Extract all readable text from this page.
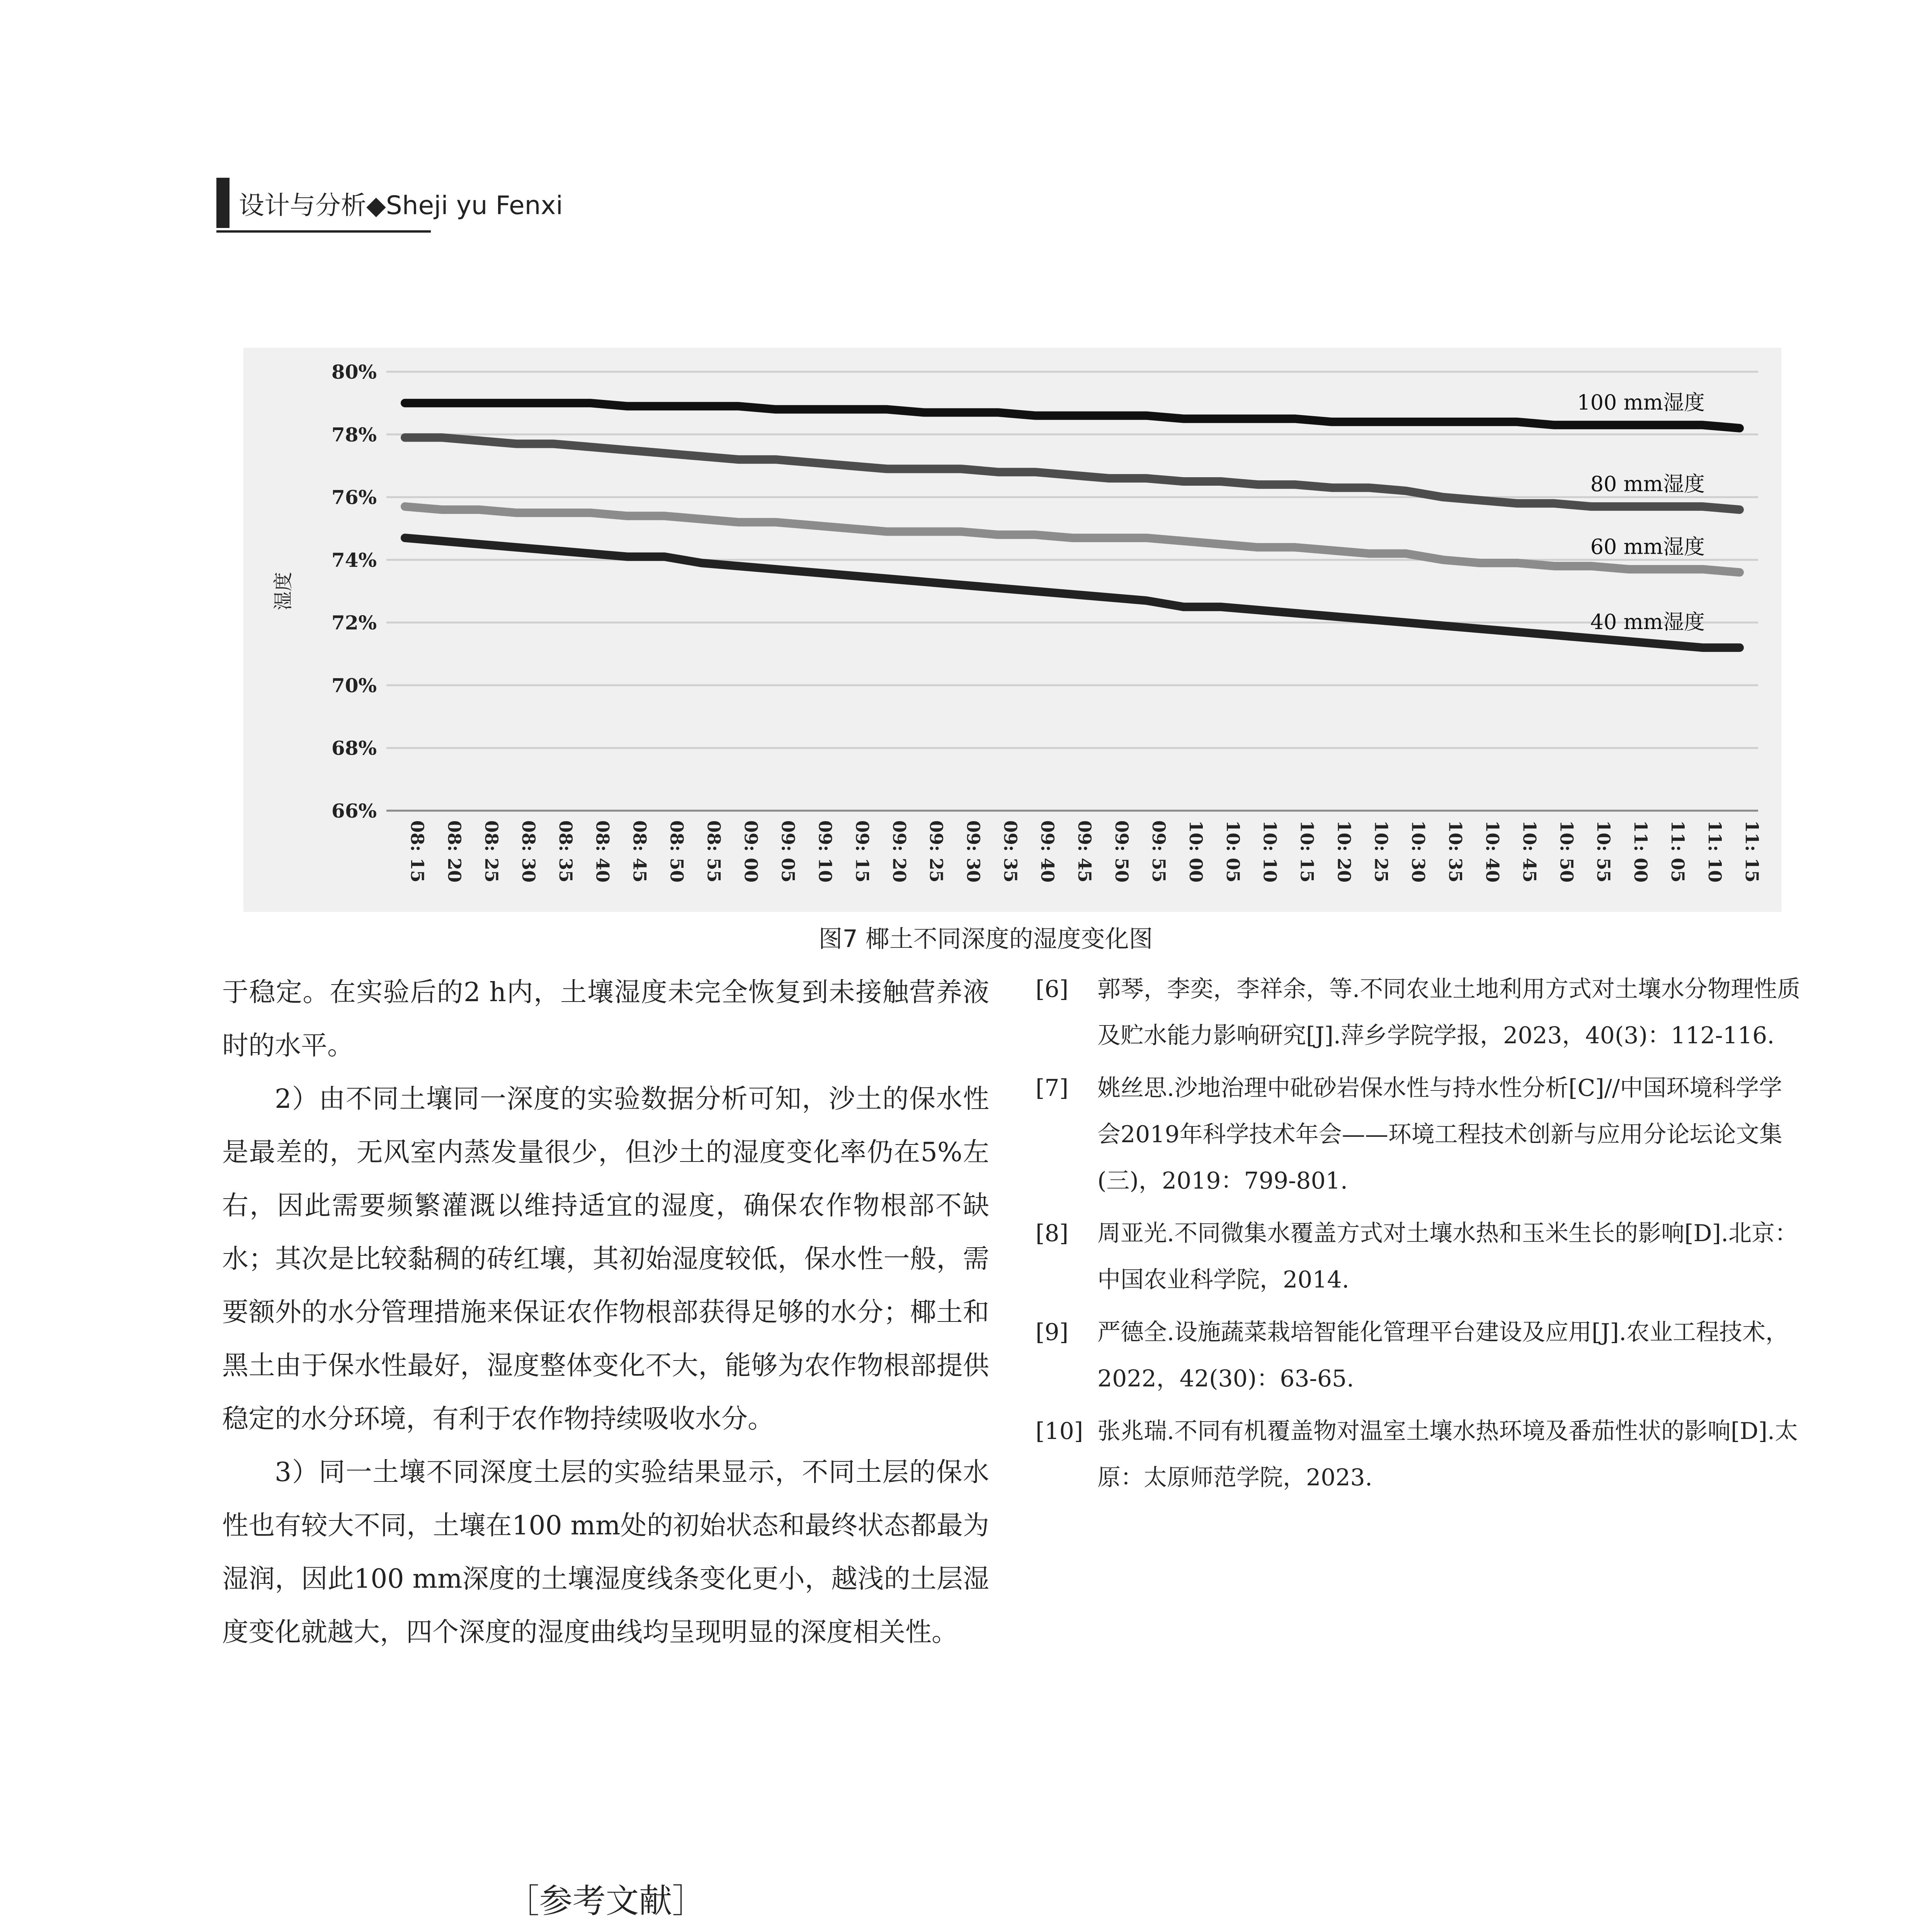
设计与分析◆Sheji yu Fenxi
80%
78%
76%
74%
72%
70%
68%
66%
08: 15 08: 20 08: 25 08: 30 08: 35 08: 40 08: 45 08: 50 08: 55 09: 00 09: 05 09: 10 09: 15 09: 20 09: 25 09: 30 09: 35 09: 40 09: 45 09: 50 09: 55 10: 00 10: 05 10: 10 10: 15 10: 20 10: 25 10: 30 10: 35 10: 40 10: 45 10: 50 10: 55 11: 00 11: 05 11: 10 11: 15
湿度
100 mm湿度
80 mm湿度
60 mm湿度
40 mm湿度
图7 椰土不同深度的湿度变化图

于稳定。在实验后的2 h内，土壤湿度未完全恢复到未接触营养液时的水平。

2）由不同土壤同一深度的实验数据分析可知，沙土的保水性是最差的，无风室内蒸发量很少，但沙土的湿度变化率仍在5%左右，因此需要频繁灌溉以维持适宜的湿度，确保农作物根部不缺水；其次是比较黏稠的砖红壤，其初始湿度较低，保水性一般，需要额外的水分管理措施来保证农作物根部获得足够的水分；椰土和黑土由于保水性最好，湿度整体变化不大，能够为农作物根部提供稳定的水分环境，有利于农作物持续吸收水分。

3）同一土壤不同深度土层的实验结果显示，不同土层的保水性也有较大不同，土壤在100 mm处的初始状态和最终状态都最为湿润，因此100 mm深度的土壤湿度线条变化更小，越浅的土层湿度变化就越大，四个深度的湿度曲线均呈现明显的深度相关性。

［参考文献］
[6]	郭琴，李奕，李祥余，等.不同农业土地利用方式对土壤水分物理性质及贮水能力影响研究[J].萍乡学院学报，2023，40(3)：112-116.
[7]	姚丝思.沙地治理中砒砂岩保水性与持水性分析[C]//中国环境科学学会2019年科学技术年会——环境工程技术创新与应用分论坛论文集(三)，2019：799-801.
[8]	周亚光.不同微集水覆盖方式对土壤水热和玉米生长的影响[D].北京：中国农业科学院，2014.
[9]	严德全.设施蔬菜栽培智能化管理平台建设及应用[J].农业工程技术，2022，42(30)：63-65.
[10] 张兆瑞.不同有机覆盖物对温室土壤水热环境及番茄性状的影响[D].太原：太原师范学院，2023.
